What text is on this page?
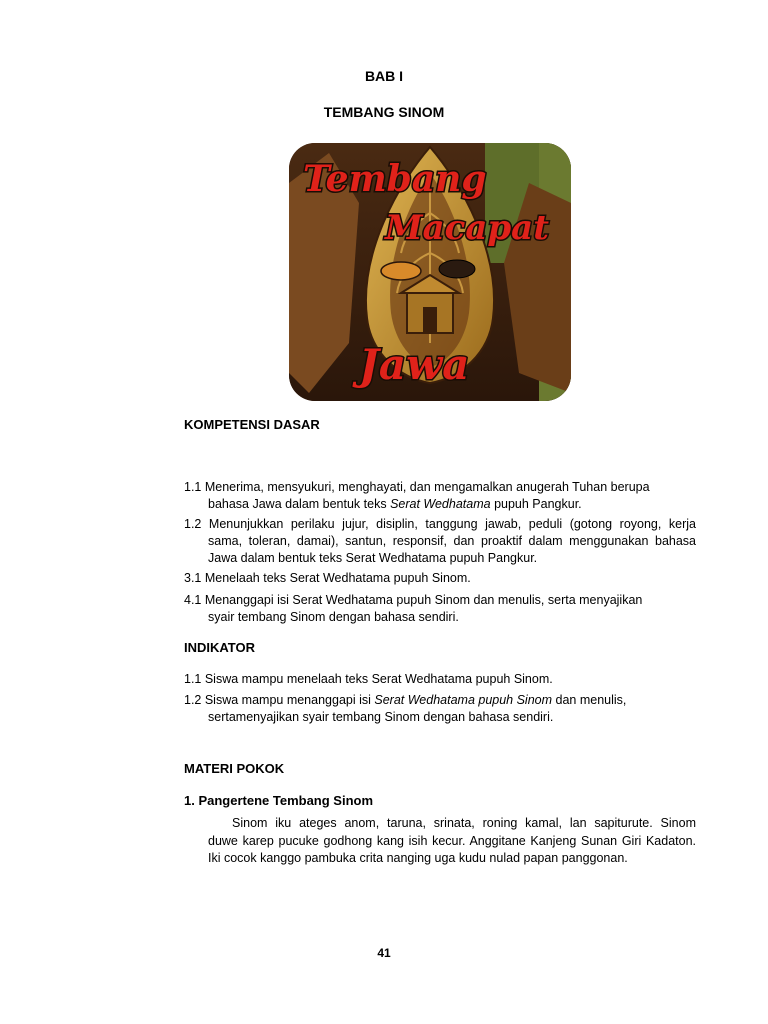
BAB I
TEMBANG SINOM
Tembang
Macapat
Jawa
KOMPETENSI DASAR
1.1 Menerima, mensyukuri, menghayati, dan mengamalkan anugerah Tuhan berupa
bahasa Jawa dalam bentuk teks Serat Wedhatama pupuh Pangkur.
1.2 Menunjukkan perilaku jujur, disiplin, tanggung jawab, peduli (gotong royong, kerja
sama, toleran, damai), santun, responsif, dan proaktif dalam menggunakan bahasa
Jawa dalam bentuk teks Serat Wedhatama pupuh Pangkur.
3.1 Menelaah teks Serat Wedhatama pupuh Sinom.
4.1 Menanggapi isi Serat Wedhatama pupuh Sinom dan menulis, serta menyajikan
syair tembang Sinom dengan bahasa sendiri.
INDIKATOR
1.1 Siswa mampu menelaah teks Serat Wedhatama pupuh Sinom.
1.2 Siswa mampu menanggapi isi Serat Wedhatama pupuh Sinom dan menulis,
sertamenyajikan syair tembang Sinom dengan bahasa sendiri.
MATERI POKOK
1. Pangertene Tembang Sinom
Sinom iku ateges anom, taruna, srinata, roning kamal, lan sapiturute. Sinom
duwe karep pucuke godhong kang isih kecur. Anggitane Kanjeng Sunan Giri Kadaton.
Iki cocok kanggo pambuka crita nanging uga kudu nulad papan panggonan.
41
